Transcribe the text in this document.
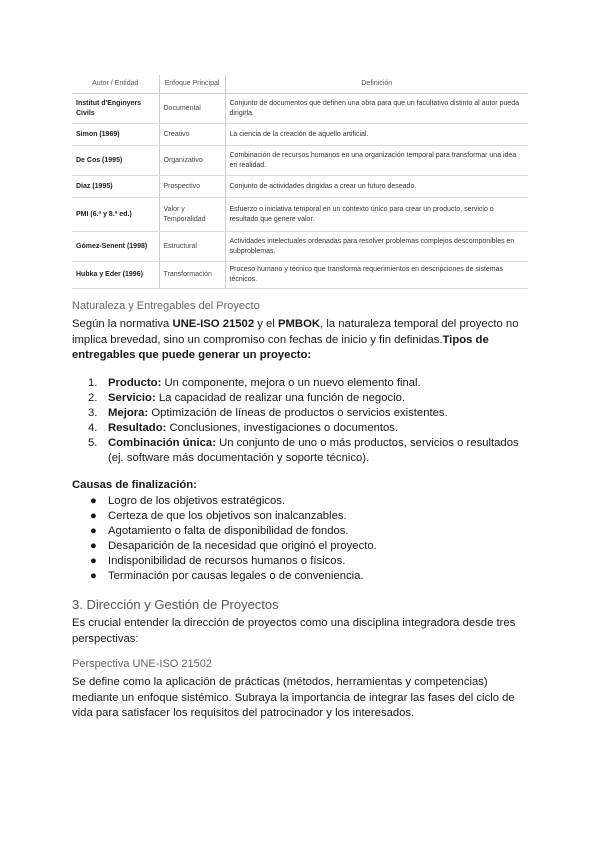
Autor / Entidad	Enfoque Principal	Definición
Institut d'Enginyers Civils	Documental	Conjunto de documentos que definen una obra para que un facultativo distinto al autor pueda dirigirla.
Simon (1969)	Creativo	La ciencia de la creación de aquello artificial.
De Cos (1995)	Organizativo	Combinación de recursos humanos en una organización temporal para transformar una idea en realidad.
Díaz (1995)	Prospectivo	Conjunto de actividades dirigidas a crear un futuro deseado.
PMI (6.ª y 8.ª ed.)	Valor y Temporalidad	Esfuerzo o iniciativa temporal en un contexto único para crear un producto, servicio o resultado que genere valor.
Gómez-Senent (1998)	Estructural	Actividades intelectuales ordenadas para resolver problemas complejos descomponibles en subproblemas.
Hubka y Eder (1996)	Transformación	Proceso humano y técnico que transforma requerimientos en descripciones de sistemas técnicos.
Naturaleza y Entregables del Proyecto
Según la normativa UNE-ISO 21502 y el PMBOK, la naturaleza temporal del proyecto no implica brevedad, sino un compromiso con fechas de inicio y fin definidas.Tipos de entregables que puede generar un proyecto:
1. Producto: Un componente, mejora o un nuevo elemento final.
2. Servicio: La capacidad de realizar una función de negocio.
3. Mejora: Optimización de líneas de productos o servicios existentes.
4. Resultado: Conclusiones, investigaciones o documentos.
5. Combinación única: Un conjunto de uno o más productos, servicios o resultados (ej. software más documentación y soporte técnico).
Causas de finalización:
● Logro de los objetivos estratégicos.
● Certeza de que los objetivos son inalcanzables.
● Agotamiento o falta de disponibilidad de fondos.
● Desaparición de la necesidad que originó el proyecto.
● Indisponibilidad de recursos humanos o físicos.
● Terminación por causas legales o de conveniencia.
3. Dirección y Gestión de Proyectos
Es crucial entender la dirección de proyectos como una disciplina integradora desde tres perspectivas:
Perspectiva UNE-ISO 21502
Se define como la aplicación de prácticas (métodos, herramientas y competencias) mediante un enfoque sistémico. Subraya la importancia de integrar las fases del ciclo de vida para satisfacer los requisitos del patrocinador y los interesados.
